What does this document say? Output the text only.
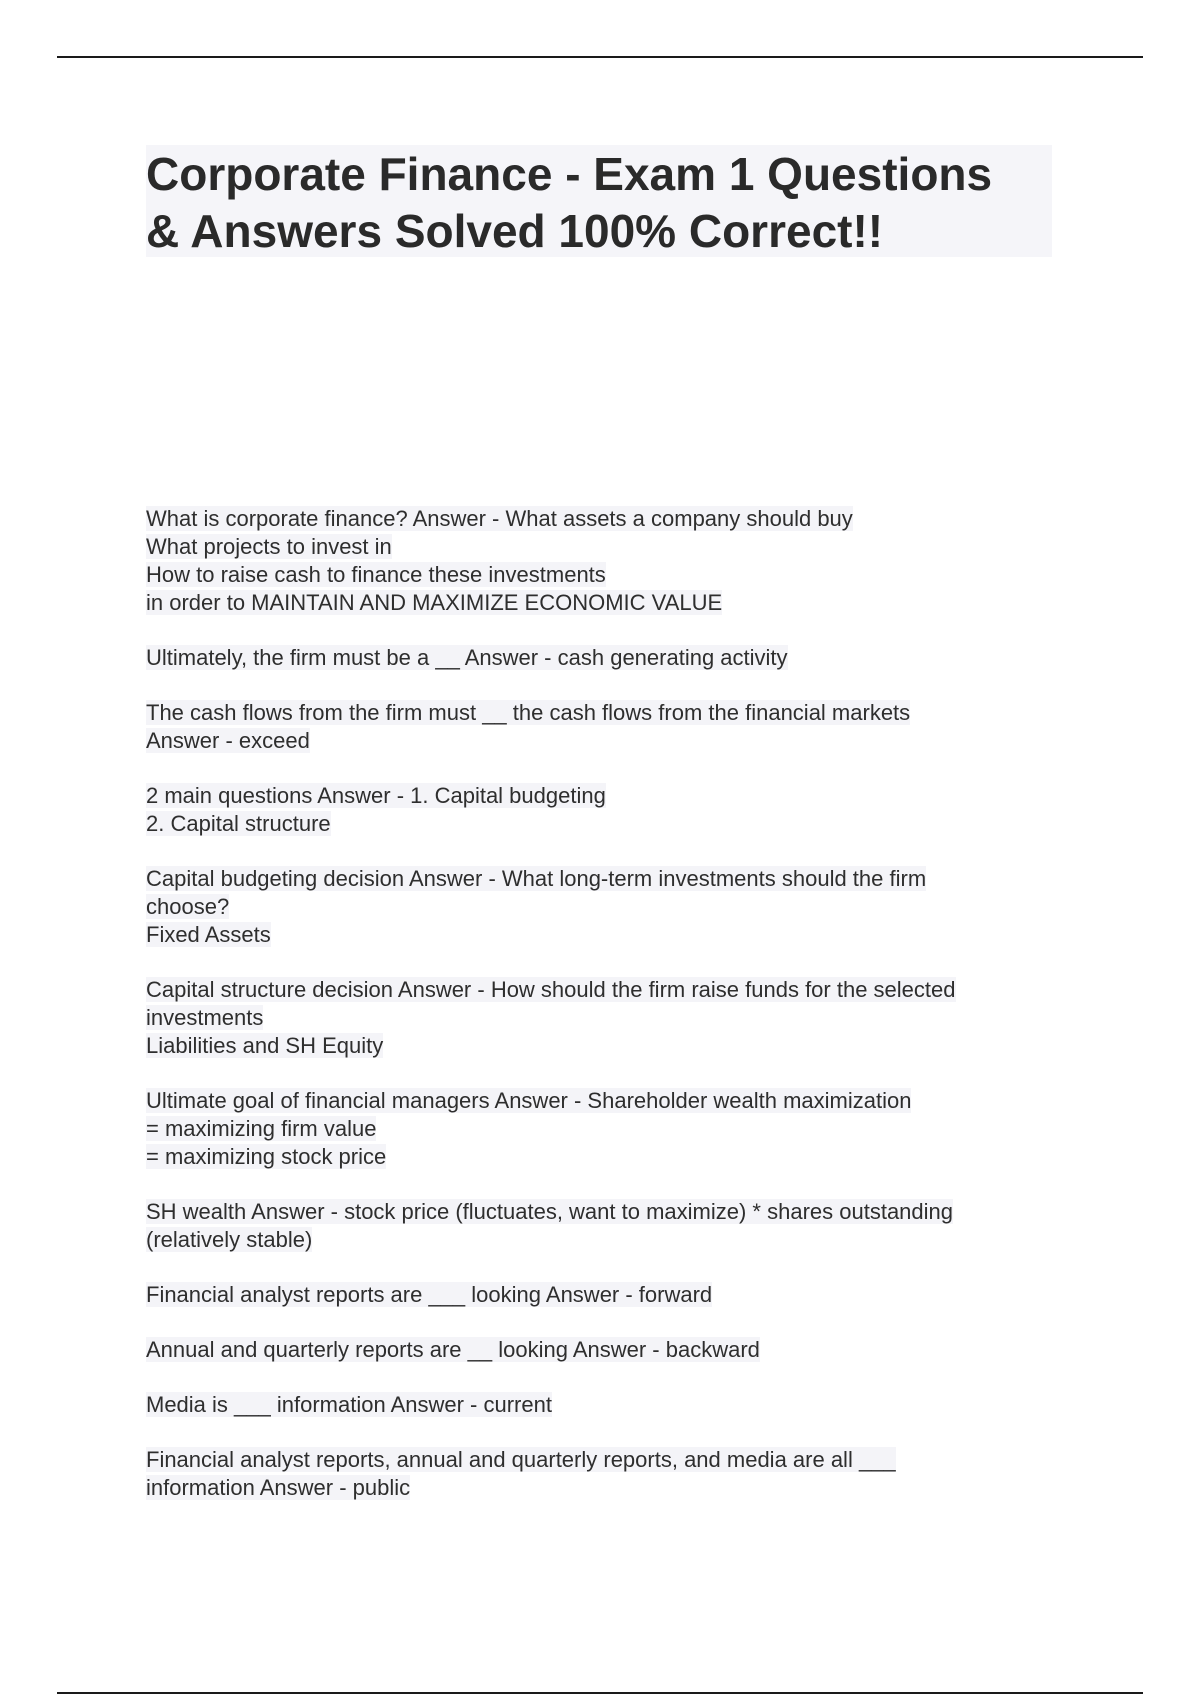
Corporate Finance - Exam 1 Questions
& Answers Solved 100% Correct!!

What is corporate finance? Answer - What assets a company should buy
What projects to invest in
How to raise cash to finance these investments
in order to MAINTAIN AND MAXIMIZE ECONOMIC VALUE

Ultimately, the firm must be a __ Answer - cash generating activity

The cash flows from the firm must __ the cash flows from the financial markets
Answer - exceed

2 main questions Answer - 1. Capital budgeting
2. Capital structure

Capital budgeting decision Answer - What long-term investments should the firm
choose?
Fixed Assets

Capital structure decision Answer - How should the firm raise funds for the selected
investments
Liabilities and SH Equity

Ultimate goal of financial managers Answer - Shareholder wealth maximization
= maximizing firm value
= maximizing stock price

SH wealth Answer - stock price (fluctuates, want to maximize) * shares outstanding
(relatively stable)

Financial analyst reports are ___ looking Answer - forward

Annual and quarterly reports are __ looking Answer - backward

Media is ___ information Answer - current

Financial analyst reports, annual and quarterly reports, and media are all ___
information Answer - public
